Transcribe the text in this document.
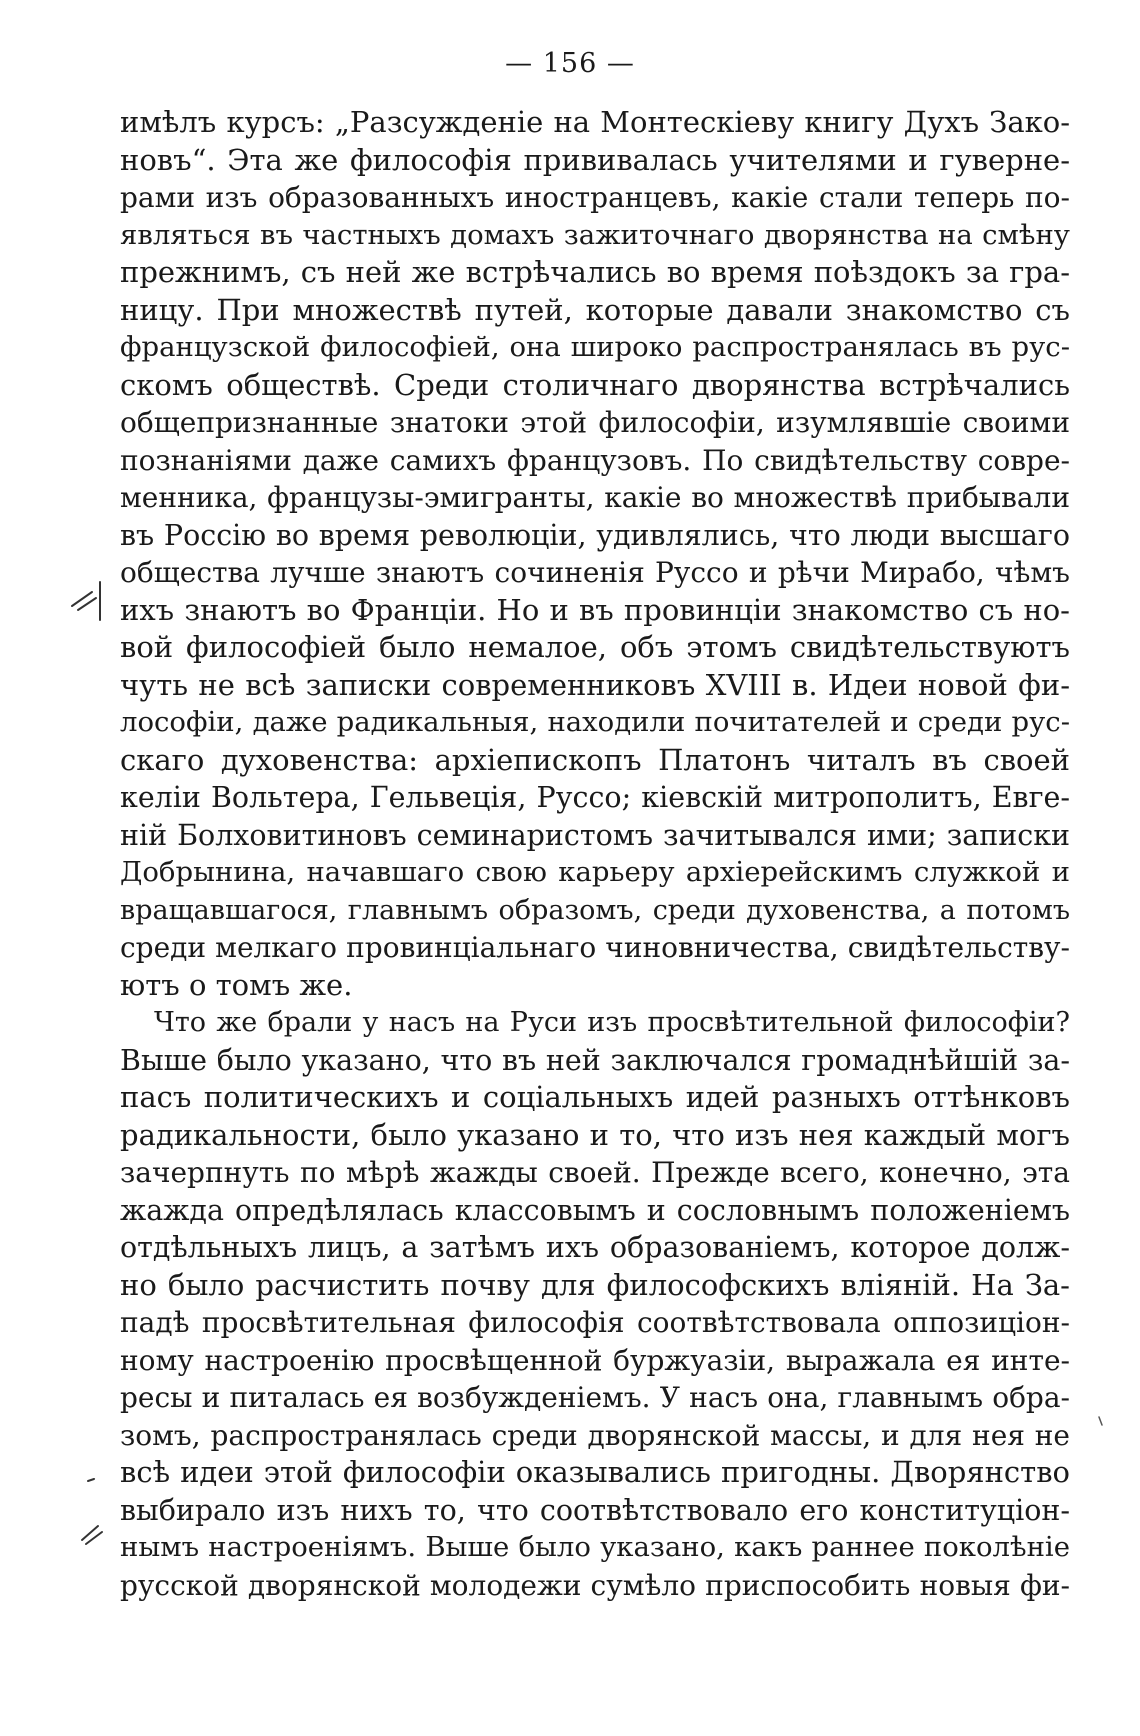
— 156 —
имѣлъ курсъ: „Разсужденіе на Монтескіеву книгу Духъ Зако-
новъ“. Эта же философія прививалась учителями и гуверне-
рами изъ образованныхъ иностранцевъ, какіе стали теперь по-
являться въ частныхъ домахъ зажиточнаго дворянства на смѣну
прежнимъ, съ ней же встрѣчались во время поѣздокъ за гра-
ницу. При множествѣ путей, которые давали знакомство съ
французской философіей, она широко распространялась въ рус-
скомъ обществѣ. Среди столичнаго дворянства встрѣчались
общепризнанные знатоки этой философіи, изумлявшіе своими
познаніями даже самихъ французовъ. По свидѣтельству совре-
менника, французы-эмигранты, какіе во множествѣ прибывали
въ Россію во время революціи, удивлялись, что люди высшаго
общества лучше знаютъ сочиненія Руссо и рѣчи Мирабо, чѣмъ
ихъ знаютъ во Франціи. Но и въ провинціи знакомство съ но-
вой философіей было немалое, объ этомъ свидѣтельствуютъ
чуть не всѣ записки современниковъ XVIII в. Идеи новой фи-
лософіи, даже радикальныя, находили почитателей и среди рус-
скаго духовенства: архіепископъ Платонъ читалъ въ своей
келіи Вольтера, Гельвеція, Руссо; кіевскій митрополитъ, Евге-
ній Болховитиновъ семинаристомъ зачитывался ими; записки
Добрынина, начавшаго свою карьеру архіерейскимъ служкой и
вращавшагося, главнымъ образомъ, среди духовенства, а потомъ
среди мелкаго провинціальнаго чиновничества, свидѣтельству-
ютъ о томъ же.
Что же брали у насъ на Руси изъ просвѣтительной философіи?
Выше было указано, что въ ней заключался громаднѣйшій за-
пасъ политическихъ и соціальныхъ идей разныхъ оттѣнковъ
радикальности, было указано и то, что изъ нея каждый могъ
зачерпнуть по мѣрѣ жажды своей. Прежде всего, конечно, эта
жажда опредѣлялась классовымъ и сословнымъ положеніемъ
отдѣльныхъ лицъ, а затѣмъ ихъ образованіемъ, которое долж-
но было расчистить почву для философскихъ вліяній. На За-
падѣ просвѣтительная философія соотвѣтствовала оппозиціон-
ному настроенію просвѣщенной буржуазіи, выражала ея инте-
ресы и питалась ея возбужденіемъ. У насъ она, главнымъ обра-
зомъ, распространялась среди дворянской массы, и для нея не
всѣ идеи этой философіи оказывались пригодны. Дворянство
выбирало изъ нихъ то, что соотвѣтствовало его конституціон-
нымъ настроеніямъ. Выше было указано, какъ раннее поколѣніе
русской дворянской молодежи сумѣло приспособить новыя фи-
